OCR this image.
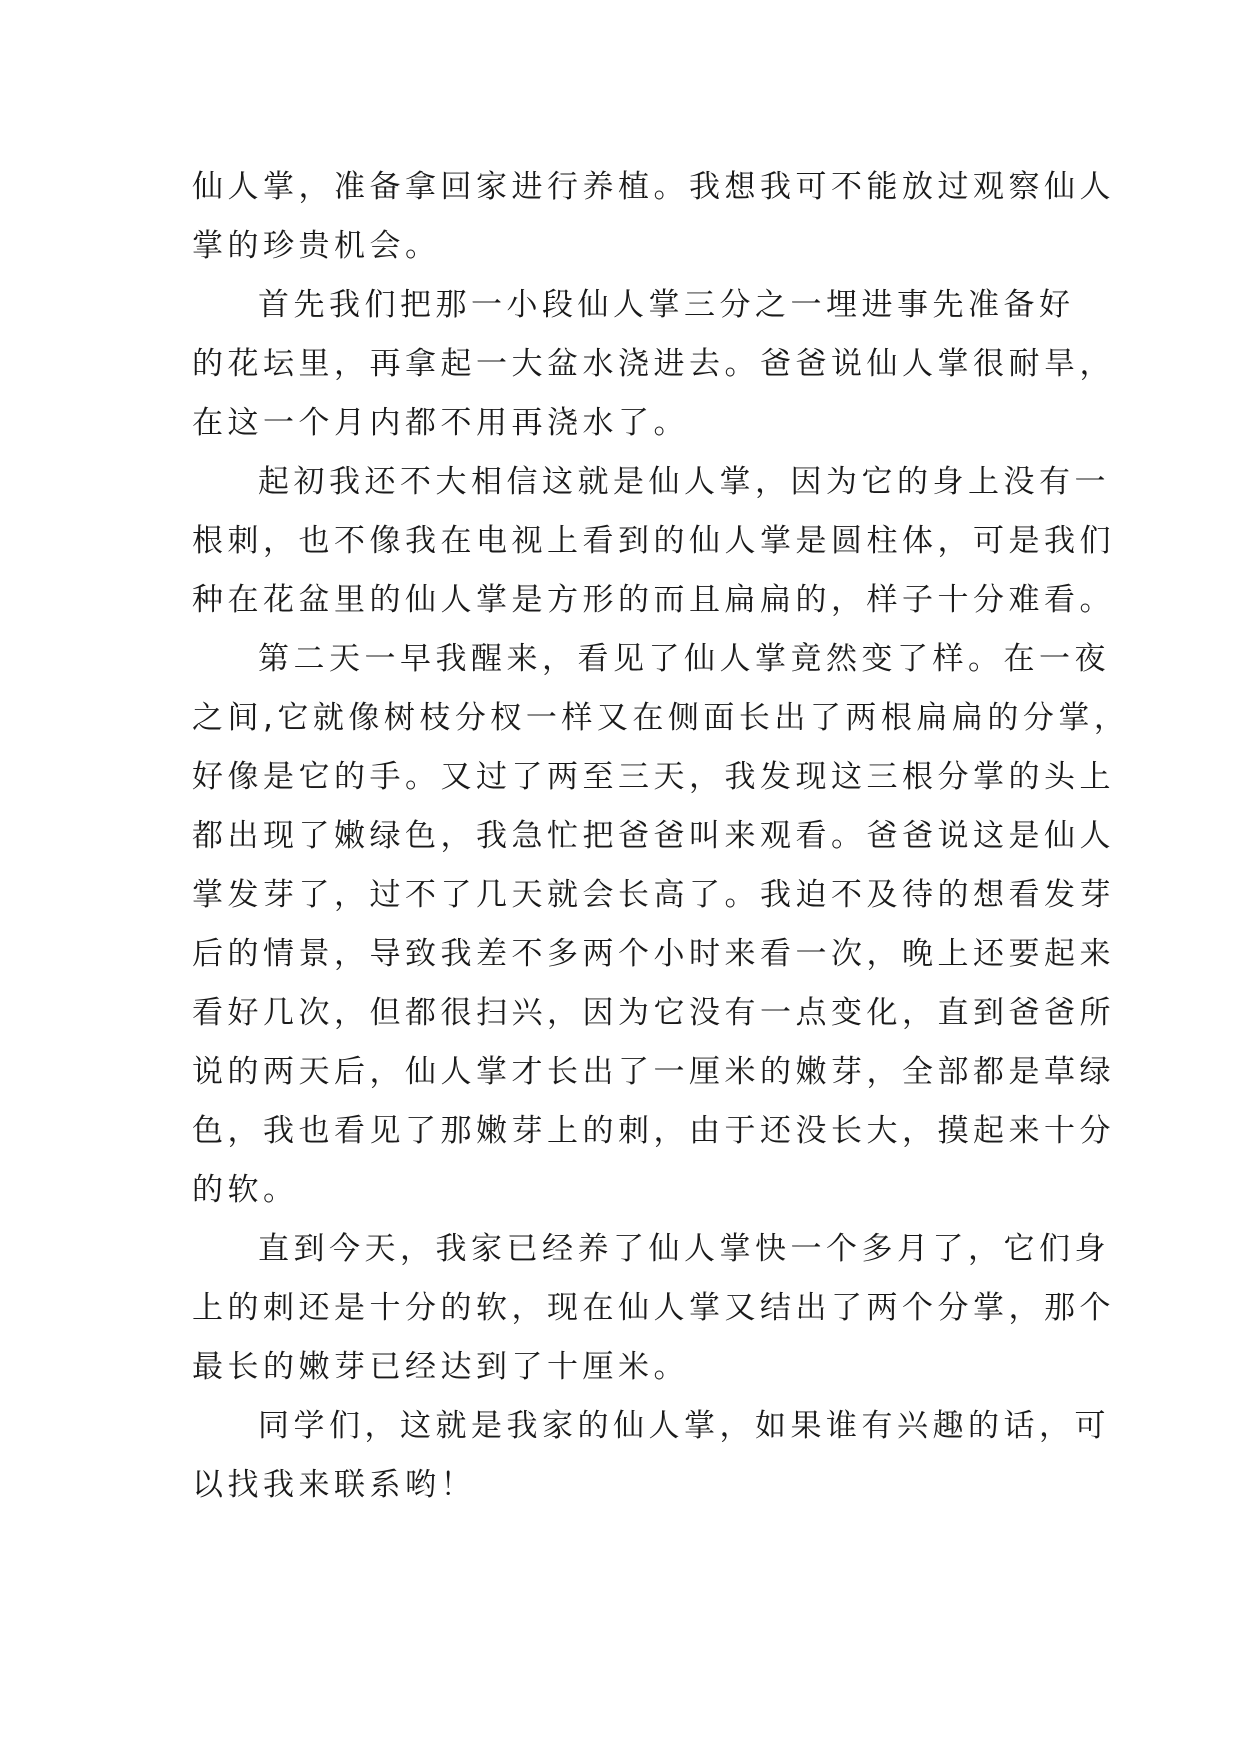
仙人掌，准备拿回家进行养植。我想我可不能放过观察仙人
掌的珍贵机会。
首先我们把那一小段仙人掌三分之一埋进事先准备好
的花坛里，再拿起一大盆水浇进去。爸爸说仙人掌很耐旱，
在这一个月内都不用再浇水了。
起初我还不大相信这就是仙人掌，因为它的身上没有一
根刺，也不像我在电视上看到的仙人掌是圆柱体，可是我们
种在花盆里的仙人掌是方形的而且扁扁的，样子十分难看。
第二天一早我醒来，看见了仙人掌竟然变了样。在一夜
之间,它就像树枝分杈一样又在侧面长出了两根扁扁的分掌，
好像是它的手。又过了两至三天，我发现这三根分掌的头上
都出现了嫩绿色，我急忙把爸爸叫来观看。爸爸说这是仙人
掌发芽了，过不了几天就会长高了。我迫不及待的想看发芽
后的情景，导致我差不多两个小时来看一次，晚上还要起来
看好几次，但都很扫兴，因为它没有一点变化，直到爸爸所
说的两天后，仙人掌才长出了一厘米的嫩芽，全部都是草绿
色，我也看见了那嫩芽上的刺，由于还没长大，摸起来十分
的软。
直到今天，我家已经养了仙人掌快一个多月了，它们身
上的刺还是十分的软，现在仙人掌又结出了两个分掌，那个
最长的嫩芽已经达到了十厘米。
同学们，这就是我家的仙人掌，如果谁有兴趣的话，可
以找我来联系哟！
